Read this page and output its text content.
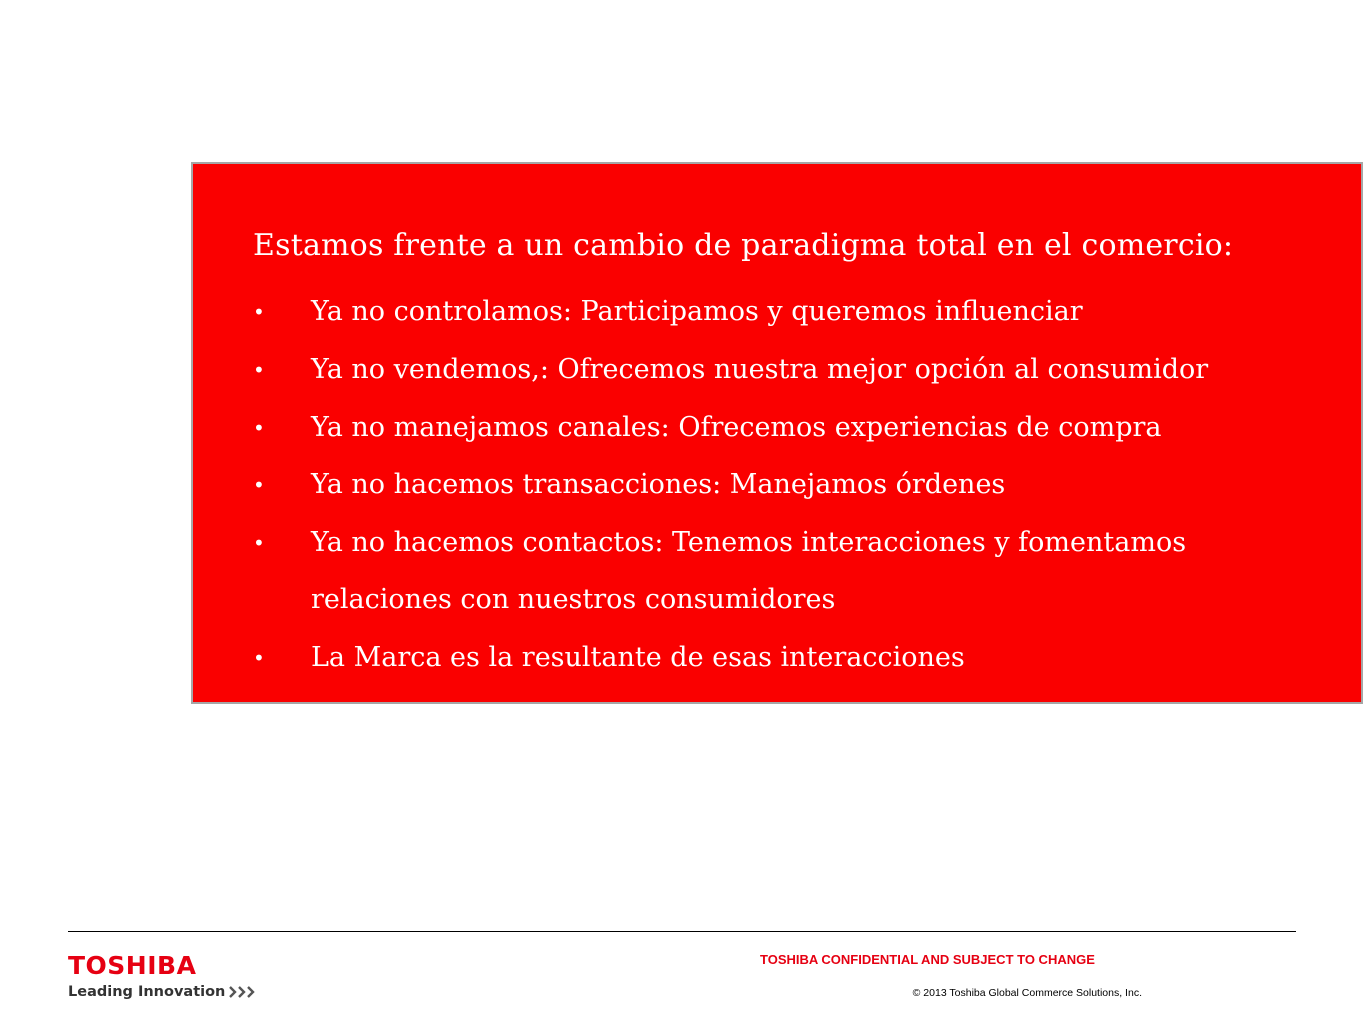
Estamos frente a un cambio de paradigma total en el comercio:
•	Ya no controlamos: Participamos y queremos influenciar
•	Ya no vendemos,: Ofrecemos nuestra mejor opción al consumidor
•	Ya no manejamos canales: Ofrecemos experiencias de compra
•	Ya no hacemos transacciones: Manejamos órdenes
•	Ya no hacemos contactos: Tenemos interacciones y fomentamos
relaciones con nuestros consumidores
•	La Marca es la resultante de esas interacciones
TOSHIBA
Leading Innovation
TOSHIBA CONFIDENTIAL AND SUBJECT TO CHANGE
© 2013 Toshiba Global Commerce Solutions, Inc.
